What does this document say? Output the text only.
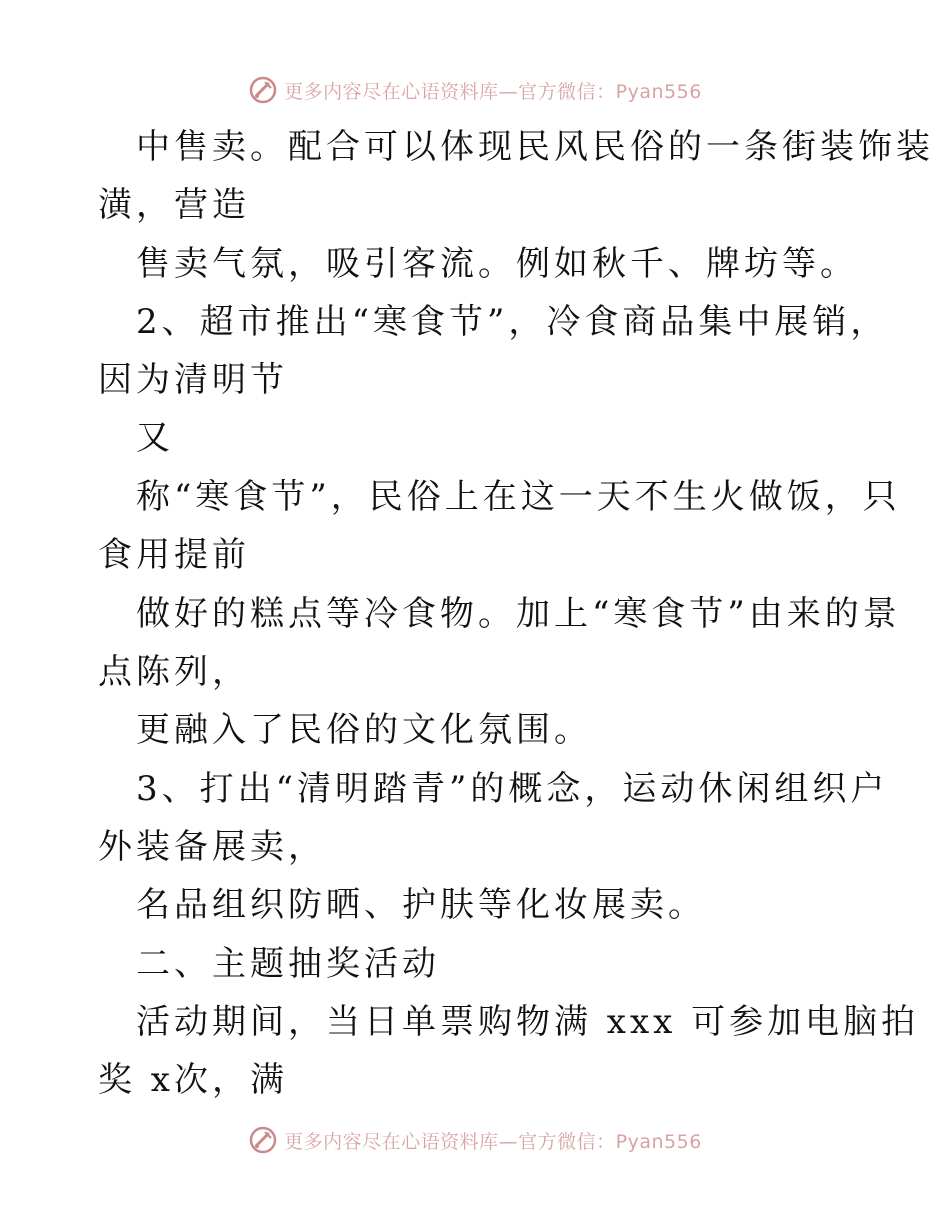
更多内容尽在心语资料库—官方微信：Pyan556
中售卖。配合可以体现民风民俗的一条街装饰装
潢，营造
售卖气氛，吸引客流。例如秋千、牌坊等。
2、超市推出“寒食节”，冷食商品集中展销，
因为清明节
又
称“寒食节”，民俗上在这一天不生火做饭，只
食用提前
做好的糕点等冷食物。加上“寒食节”由来的景
点陈列，
更融入了民俗的文化氛围。
3、打出“清明踏青”的概念，运动休闲组织户
外装备展卖，
名品组织防晒、护肤等化妆展卖。
二、主题抽奖活动
活动期间，当日单票购物满 xxx 可参加电脑拍
奖 x次，满
更多内容尽在心语资料库—官方微信：Pyan556
